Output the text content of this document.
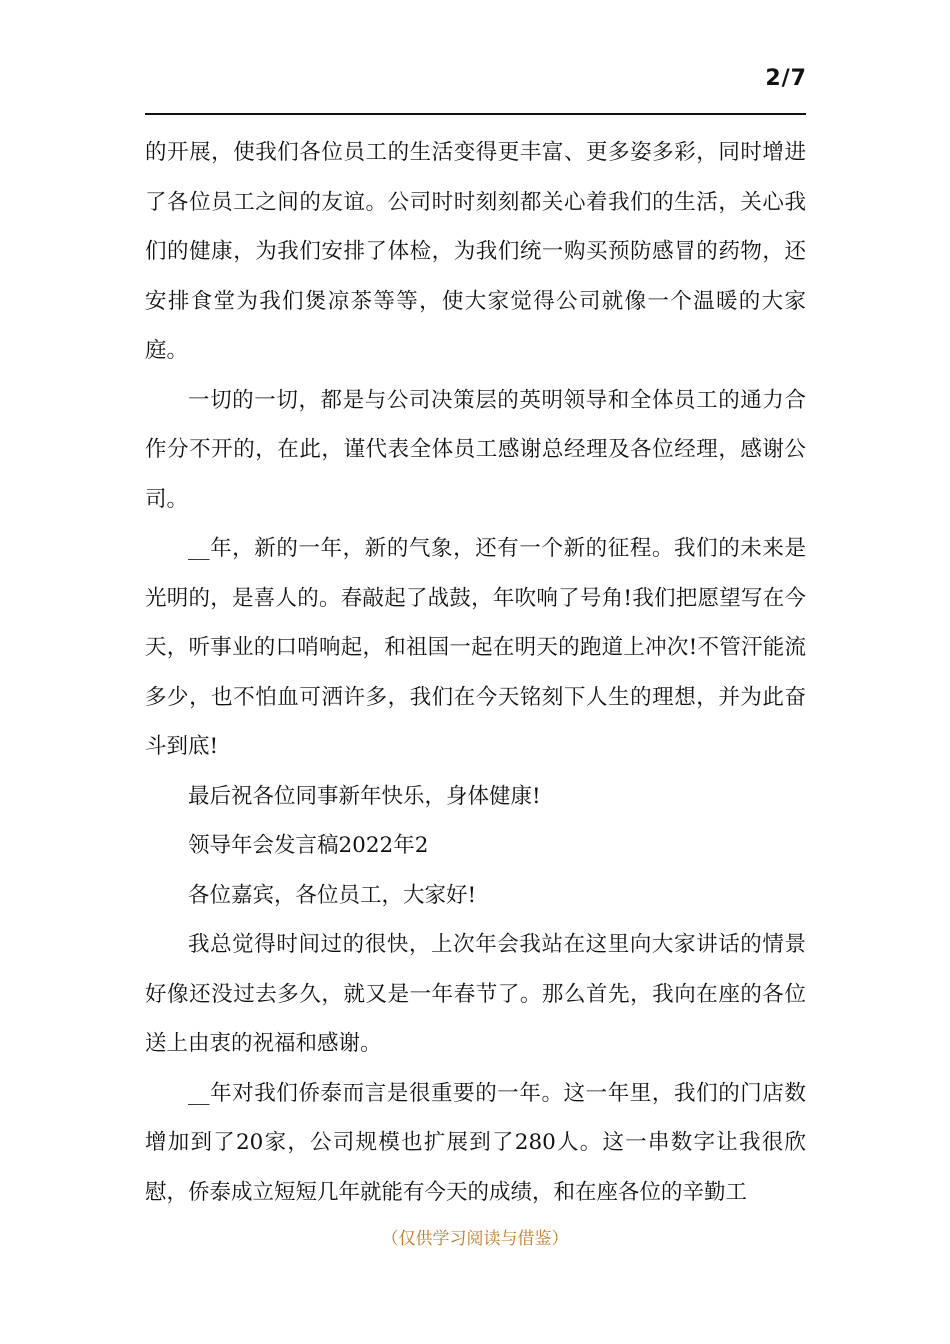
2/7

的开展，使我们各位员工的生活变得更丰富、更多姿多彩，同时增进了各位员工之间的友谊。公司时时刻刻都关心着我们的生活，关心我们的健康，为我们安排了体检，为我们统一购买预防感冒的药物，还安排食堂为我们煲凉茶等等，使大家觉得公司就像一个温暖的大家庭。

一切的一切，都是与公司决策层的英明领导和全体员工的通力合作分不开的，在此，谨代表全体员工感谢总经理及各位经理，感谢公司。

__年，新的一年，新的气象，还有一个新的征程。我们的未来是光明的，是喜人的。春敲起了战鼓，年吹响了号角!我们把愿望写在今天，听事业的口哨响起，和祖国一起在明天的跑道上冲次!不管汗能流多少，也不怕血可洒许多，我们在今天铭刻下人生的理想，并为此奋斗到底!

最后祝各位同事新年快乐，身体健康!

领导年会发言稿2022年2

各位嘉宾，各位员工，大家好!

我总觉得时间过的很快，上次年会我站在这里向大家讲话的情景好像还没过去多久，就又是一年春节了。那么首先，我向在座的各位送上由衷的祝福和感谢。

__年对我们侨泰而言是很重要的一年。这一年里，我们的门店数增加到了20家，公司规模也扩展到了280人。这一串数字让我很欣慰，侨泰成立短短几年就能有今天的成绩，和在座各位的辛勤工

（仅供学习阅读与借鉴）
